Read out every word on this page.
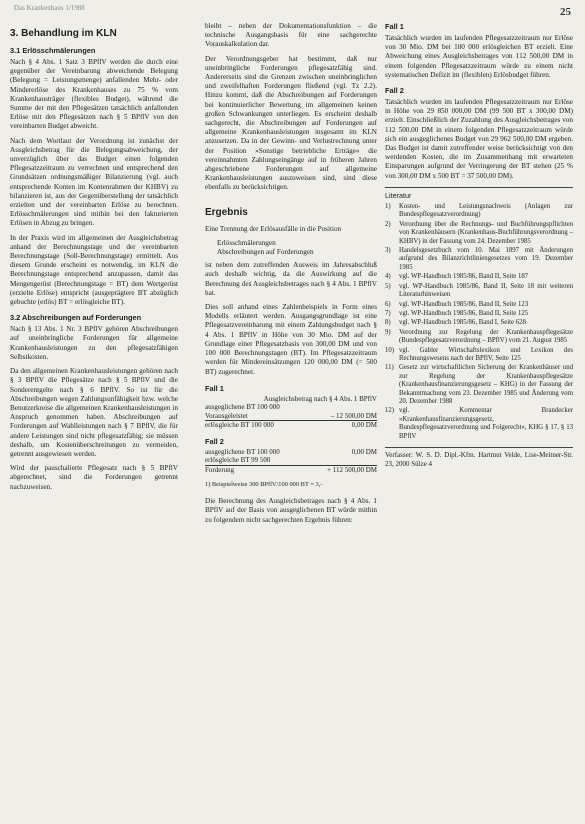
Das Krankenhaus 1/1988	25
3. Behandlung im KLN
3.1 Erlösschmälerungen

Nach § 4 Abs. 1 Satz 3 BPflV werden die durch eine gegenüber der Vereinbarung abweichende Belegung (Belegung = Leistungsmenge) anfallenden Mehr- oder Mindererlöse des Krankenhauses zu 75 % vom Krankenhausträger (flexibles Budget), während die Summe der mit den Pflegesätzen tatsächlich anfallenden Erlöse mit den Pflegesätzen nach § 5 BPflV von den vereinbarten Budget abweicht.

Nach dem Wortlaut der Verordnung ist zunächst der Ausgleichsbetrag für die Belegungsabweichung, der unverzüglich über das Budget einen folgenden Pflegesatzzeitraum zu verrechnen und entsprechend den Grundsätzen ordnungsmäßiger Bilanzierung (vgl. auch entsprechende Konten im Kontenrahmen der KHBV) zu bilanzieren ist, aus der Gegenüberstellung der tatsächlich erzielten und der vereinbarten Erlöse zu berechnen. Erlösschmälerungen sind mithin bei den fakturierten Erlösen in Abzug zu bringen.

In der Praxis wird im allgemeinen der Ausgleichsbetrag anhand der Berechnungstage und der vereinbarten Berechnungstage (Soll-Berechnungstage) ermittelt. Aus diesem Grunde erscheint es notwendig, im KLN die Berechnungstage entsprechend anzupassen, damit das Mengengerüst (Berechnungstage = BT) dem Wertgerüst (erzielte Erlöse) entspricht (ausgeprägtere BT abzüglich gebuchte (erlös) BT = erlösgleiche BT).

3.2 Abschreibungen auf Forderungen

Nach § 13 Abs. 1 Nr. 3 BPflV gehören Abschreibungen auf uneinbringliche Forderungen für allgemeine Krankenhausleistungen zu den pflegesatzfähigen Selbstkosten.

Da den allgemeinen Krankenhausleistungen gehören nach § 3 BPflV die Pflegesätze nach § 5 BPflV und die Sonderentgelte nach § 6 BPflV. So ist für die Abschreibungen wegen Zahlungsunfähigkeit bzw. welche Benutzerkreise die allgemeinen Krankenhausleistungen in Anspruch genommen haben. Abschreibungen auf Forderungen auf Wahlleistungen nach § 7 BPflV, die für andere Leistungen sind nicht pflegesatzfähig; sie müssen deshalb, um Kostenüberschreitungen zu vermeiden, getrennt ausgewiesen werden.

Wird der pauschalierte Pflegesatz nach § 5 BPflV abgerechnet, sind die Forderungen getrennt nachzuweisen.

bleibt – neben der Dokumentationsfunktion – die technische Ausgangsbasis für eine sachgerechte Vorauskalkulation dar.

Der Verordnungsgeber hat bestimmt, daß nur uneinbringliche Forderungen pflegesatzfähig sind. Andererseits sind die Grenzen zwischen uneinbringlichen und zweifelhaften Forderungen fließend (vgl. Tz 2.2). Hinzu kommt, daß die Abschreibungen auf Forderungen bei kontinuierlicher Bewertung im allgemeinen keinen großen Schwankungen unterliegen. Es erscheint deshalb sachgerecht, die Abschreibungen auf Forderungen auf allgemeine Krankenhausleistungen insgesamt im KLN anzusetzen. Da in der Gewinn- und Verlustrechnung unter der Position »Sonstige betriebliche Erträge« die vereinnahmten Zahlungseingänge auf in früheren Jahren abgeschriebene Forderungen auf allgemeine Krankenhausleistungen auszuweisen sind, sind diese ebenfalls zu berücksichtigen.

Ergebnis

Eine Trennung der Erlösausfälle in die Position

Erlösschmälerungen
Abschreibungen auf Forderungen

ist neben dem zutreffenden Ausweis im Jahresabschluß auch deshalb wichtig, da die Auswirkung auf die Berechnung des Ausgleichsbetrages nach § 4 Abs. 1 BPflV hat.

Dies soll anhand eines Zahlenbeispiels in Form eines Modells erläutert werden. Ausgangsgrundlage ist eine Pflegesatzvereinbarung mit einem Zahlungsbudget nach § 4 Abs. 1 BPflV in Höhe von 30 Mio. DM auf der Grundlage einer Pflegesatzbasis von 300,00 DM und von 100 000 Berechnungstagen (BT). Im Pflegesatzzeitraum werden für Mindereinsätzungen 120 000,00 DM (= 500 BT) zugerechnet.

Fall 1
Ausgleichsbetrag nach § 4 Abs. 1 BPflV
ausgeglichene BT 100 000
Vorausgeleistet	– 12 500,00 DM
erlösgleiche BT 100 000	0,00 DM
Fall 2
ausgeglichene BT 100 000	0,00 DM
erlösgleiche BT 99 500
Forderung	+ 112 500,00 DM
1) Beispielweise 300 BPflV/100 000 BT = 3,-

Die Berechnung des Ausgleichsbetrages nach § 4 Abs. 1 BPflV auf der Basis von ausgeglichenen BT würde mithin zu folgendem nicht sachgerechten Ergebnis führen:

Fall 1

Tatsächlich wurden im laufenden Pflegesatzzeitraum nur Erlöse von 30 Mio. DM bei 100 000 erlösgleichen BT erzielt. Eine Abweichung eines Ausgleichsbetrages von 112 500,00 DM in einem folgenden Pflegesatzzeitraum würde zu einem nicht systematischen Defizit im (flexiblen) Erlösbudget führen.

Fall 2

Tatsächlich wurden im laufenden Pflegesatzzeitraum nur Erlöse in Höhe von 29 850 000,00 DM (99 500 BT x 300,00 DM) erzielt. Einschließlich der Zuzahlung des Ausgleichsbetrages von 112 500,00 DM in einem folgenden Pflegesatzzeitraum würde sich ein ausgeglichenes Budget von 29 962 500,00 DM ergeben. Das Budget ist damit zutreffender weise berücksichtigt von den werdenden Kosten, die im Zusammenhang mit erwarteten Einsparungen aufgrund der Verringerung der BT stehen (25 % von 300,00 DM x 500 BT = 37 500,00 DM).

Literatur
1)	Kosten- und Leistungsnachweis (Anlagen zur Bundespflegesatzverordnung)
2)	Verordnung über die Rechnungs- und Buchführungspflichten von Krankenhäusern (Krankenhaus-Buchführungsverordnung – KHBV) in der Fassung vom 24. Dezember 1985
3)	Handelsgesetzbuch vom 10. Mai 1897 mit Änderungen aufgrund des Bilanzrichtliniengesetzes vom 19. Dezember 1985
4)	vgl. WP-Handbuch 1985/86, Band II, Seite 187
5)	vgl. WP-Handbuch 1985/86, Band II, Seite 18 mit weiteren Literaturhinweisen
6)	vgl. WP-Handbuch 1985/86, Band II, Seite 123
7)	vgl. WP-Handbuch 1985/86, Band II, Seite 125
8)	vgl. WP-Handbuch 1985/86, Band I, Seite 628
9)	Verordnung zur Regelung der Krankenhauspflegesätze (Bundespflegesatzverordnung – BPflV) vom 21. August 1985
10) vgl. Gabler Wirtschaftslexikon und Lexikon des Rechnungswesens nach der BPflV, Seite 125
11) Gesetz zur wirtschaftlichen Sicherung der Krankenhäuser und zur Regelung der Krankenhauspflegesätze (Krankenhausfinanzierungsgesetz – KHG) in der Fassung der Bekanntmachung vom 23. Dezember 1985 und Änderung vom 20. Dezember 1988
12) vgl. Kommentar Brandecker »Krankenhausfinanzierungsgesetz, Bundespflegesatzverordnung und Folgerecht«, KHG § 17, § 13 BPflV
Verfasser: W. S. D. Dipl.-Kfm. Hartmut Velde, Lise-Meitner-Str. 23, 2000 Sülze 4
